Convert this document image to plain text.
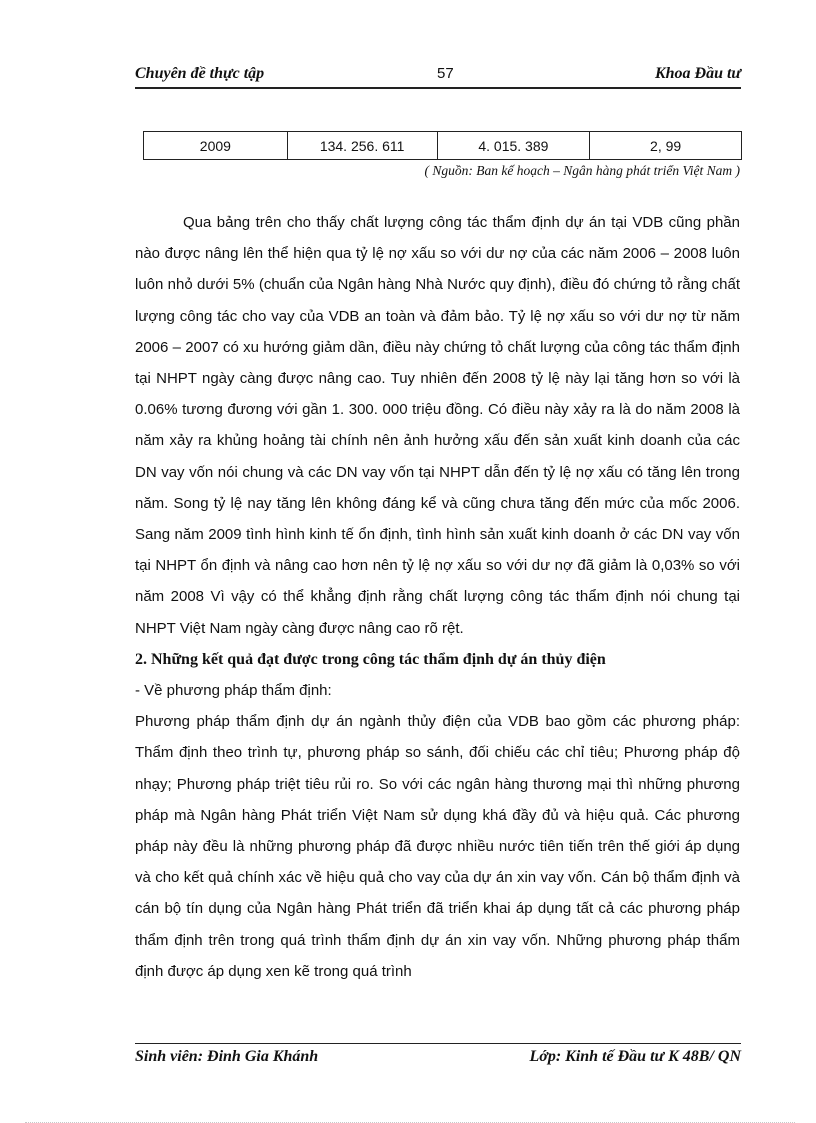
Chuyên đề thực tập	57	Khoa Đầu tư
2009	134. 256. 611	4. 015. 389	2, 99
( Nguồn: Ban kế hoạch – Ngân hàng phát triển Việt Nam )

Qua bảng trên cho thấy chất lượng công tác thẩm định dự án tại VDB cũng phần nào được nâng lên thể hiện qua tỷ lệ nợ xấu so với dư nợ của các năm 2006 – 2008 luôn luôn nhỏ dưới 5% (chuẩn của Ngân hàng Nhà Nước quy định), điều đó chứng tỏ rằng chất lượng công tác cho vay của VDB an toàn và đảm bảo. Tỷ lệ nợ xấu so với dư nợ từ năm 2006 – 2007 có xu hướng giảm dần, điều này chứng tỏ chất lượng của công tác thẩm định tại NHPT ngày càng được nâng cao. Tuy nhiên đến 2008 tỷ lệ này lại tăng hơn so với là 0.06% tương đương với gần 1. 300. 000 triệu đồng. Có điều này xảy ra là do năm 2008 là năm xảy ra khủng hoảng tài chính nên ảnh hưởng xấu đến sản xuất kinh doanh của các DN vay vốn nói chung và các DN vay vốn tại NHPT dẫn đến tỷ lệ nợ xấu có tăng lên trong năm. Song tỷ lệ nay tăng lên không đáng kể và cũng chưa tăng đến mức của mốc 2006. Sang năm 2009 tình hình kinh tế ổn định, tình hình sản xuất kinh doanh ở các DN vay vốn tại NHPT ổn định và nâng cao hơn nên tỷ lệ nợ xấu so với dư nợ đã giảm là 0,03% so với năm 2008 Vì vậy có thể khẳng định rằng chất lượng công tác thẩm định nói chung tại NHPT Việt Nam ngày càng được nâng cao rõ rệt.

2. Những kết quả đạt được trong công tác thẩm định dự án thủy điện

- Về phương pháp thẩm định:

Phương pháp thẩm định dự án ngành thủy điện của VDB bao gồm các phương pháp: Thẩm định theo trình tự, phương pháp so sánh, đối chiếu các chỉ tiêu; Phương pháp độ nhạy; Phương pháp triệt tiêu rủi ro. So với các ngân hàng thương mại thì những phương pháp mà Ngân hàng Phát triển Việt Nam sử dụng khá đầy đủ và hiệu quả. Các phương pháp này đều là những phương pháp đã được nhiều nước tiên tiến trên thế giới áp dụng và cho kết quả chính xác về hiệu quả cho vay của dự án xin vay vốn. Cán bộ thẩm định và cán bộ tín dụng của Ngân hàng Phát triển đã triển khai áp dụng tất cả các phương pháp thẩm định trên trong quá trình thẩm định dự án xin vay vốn. Những phương pháp thẩm định được áp dụng xen kẽ trong quá trình

Sinh viên: Đinh Gia Khánh	Lớp: Kinh tế Đầu tư K 48B/ QN
